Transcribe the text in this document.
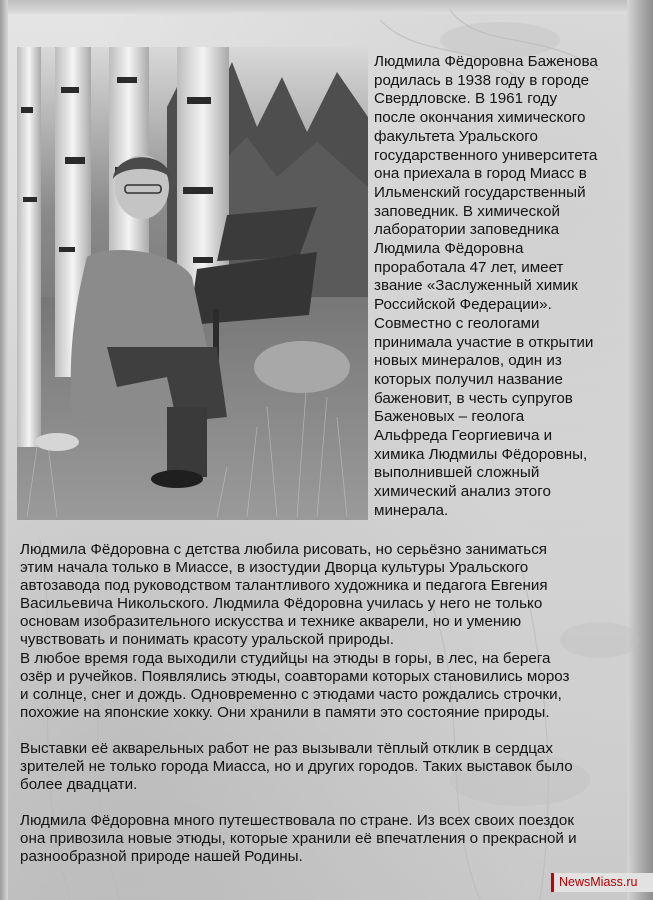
Людмила Фёдоровна Баженова
родилась в 1938 году в городе
Свердловске. В 1961 году
после окончания химического
факультета Уральского
государственного университета
она приехала в город Миасс в
Ильменский государственный
заповедник. В химической
лаборатории заповедника
Людмила Фёдоровна
проработала 47 лет, имеет
звание «Заслуженный химик
Российской Федерации».
Совместно с геологами
принимала участие в открытии
новых минералов, один из
которых получил название
баженовит, в честь супругов
Баженовых – геолога
Альфреда Георгиевича и
химика Людмилы Фёдоровны,
выполнившей сложный
химический анализ этого
минерала.
Людмила Фёдоровна с детства любила рисовать, но серьёзно заниматься
этим начала только в Миассе, в изостудии Дворца культуры Уральского
автозавода под руководством талантливого художника и педагога Евгения
Васильевича Никольского. Людмила Фёдоровна училась у него не только
основам изобразительного искусства и технике акварели, но и умению
чувствовать и понимать красоту уральской природы.
В любое время года выходили студийцы на этюды в горы, в лес, на берега
озёр и ручейков. Появлялись этюды, соавторами которых становились мороз
и солнце, снег и дождь. Одновременно с этюдами часто рождались строчки,
похожие на японские хокку. Они хранили в памяти это состояние природы.
Выставки её акварельных работ не раз вызывали тёплый отклик в сердцах
зрителей не только города Миасса, но и других городов. Таких выставок было
более двадцати.
Людмила Фёдоровна много путешествовала по стране. Из всех своих поездок
она привозила новые этюды, которые хранили её впечатления о прекрасной и
разнообразной природе нашей Родины.
NewsMiass.ru
